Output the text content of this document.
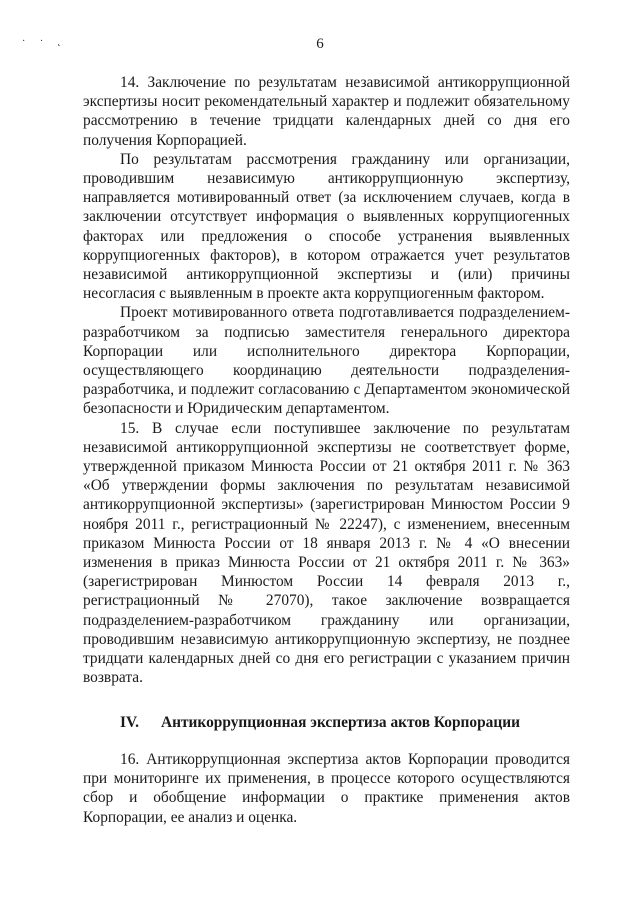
· · ˛	6

14. Заключение по результатам независимой антикоррупционной экспертизы носит рекомендательный характер и подлежит обязательному рассмотрению в течение тридцати календарных дней со дня его получения Корпорацией.

По результатам рассмотрения гражданину или организации, проводившим независимую антикоррупционную экспертизу, направляется мотивированный ответ (за исключением случаев, когда в заключении отсутствует информация о выявленных коррупциогенных факторах или предложения о способе устранения выявленных коррупциогенных факторов), в котором отражается учет результатов независимой антикоррупционной экспертизы и (или) причины несогласия с выявленным в проекте акта коррупциогенным фактором.

Проект мотивированного ответа подготавливается подразделением-разработчиком за подписью заместителя генерального директора Корпорации или исполнительного директора Корпорации, осуществляющего координацию деятельности подразделения-разработчика, и подлежит согласованию с Департаментом экономической безопасности и Юридическим департаментом.

15. В случае если поступившее заключение по результатам независимой антикоррупционной экспертизы не соответствует форме, утвержденной приказом Минюста России от 21 октября 2011 г. № 363 «Об утверждении формы заключения по результатам независимой антикоррупционной экспертизы» (зарегистрирован Минюстом России 9 ноября 2011 г., регистрационный № 22247), с изменением, внесенным приказом Минюста России от 18 января 2013 г. № 4 «О внесении изменения в приказ Минюста России от 21 октября 2011 г. № 363» (зарегистрирован Минюстом России 14 февраля 2013 г., регистрационный № 27070), такое заключение возвращается подразделением-разработчиком гражданину или организации, проводившим независимую антикоррупционную экспертизу, не позднее тридцати календарных дней со дня его регистрации с указанием причин возврата.

IV. Антикоррупционная экспертиза актов Корпорации

16. Антикоррупционная экспертиза актов Корпорации проводится при мониторинге их применения, в процессе которого осуществляются сбор и обобщение информации о практике применения актов Корпорации, ее анализ и оценка.
